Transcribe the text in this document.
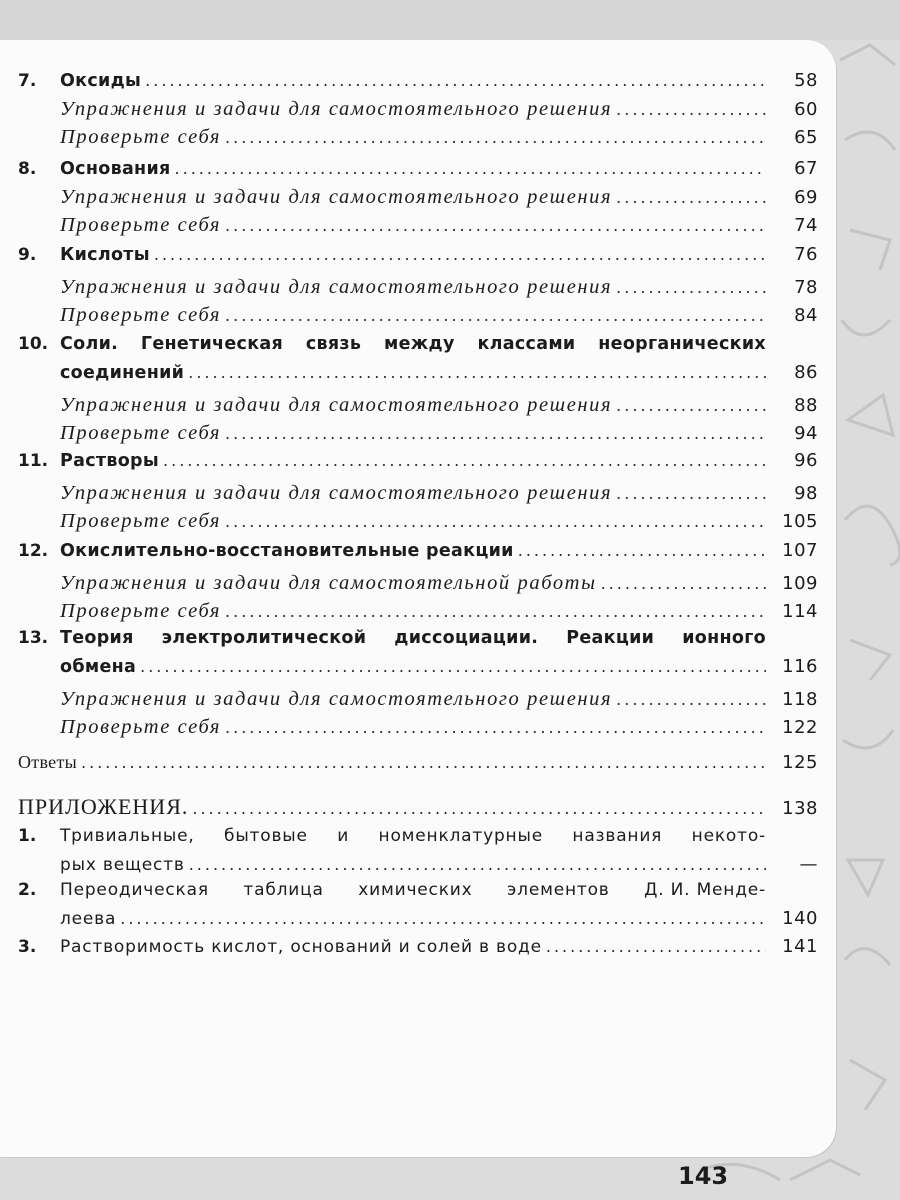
7.	Оксиды .....	58
Упражнения и задачи для самостоятельного решения .....	60
Проверьте себя .....	65
8.	Основания .....	67
Упражнения и задачи для самостоятельного решения .....	69
Проверьте себя .....	74
9.	Кислоты .....	76
Упражнения и задачи для самостоятельного решения .....	78
Проверьте себя .....	84
10. Соли. Генетическая связь между классами неорганических
соединений .....	86
Упражнения и задачи для самостоятельного решения .....	88
Проверьте себя .....	94
11. Растворы .....	96
Упражнения и задачи для самостоятельного решения .....	98
Проверьте себя .....	105
12. Окислительно-восстановительные реакции .....	107
Упражнения и задачи для самостоятельной работы .....	109
Проверьте себя .....	114
13. Теория электролитической диссоциации. Реакции ионного
обмена .....	116
Упражнения и задачи для самостоятельного решения .....	118
Проверьте себя .....	122
Ответы .....	125
ПРИЛОЖЕНИЯ. .....	138
1.	Тривиальные, бытовые и номенклатурные названия некото-
рых веществ .....	—
2.	Переодическая таблица химических элементов Д. И. Менде-
леева .....	140
3.	Растворимость кислот, оснований и солей в воде .....	141
143
